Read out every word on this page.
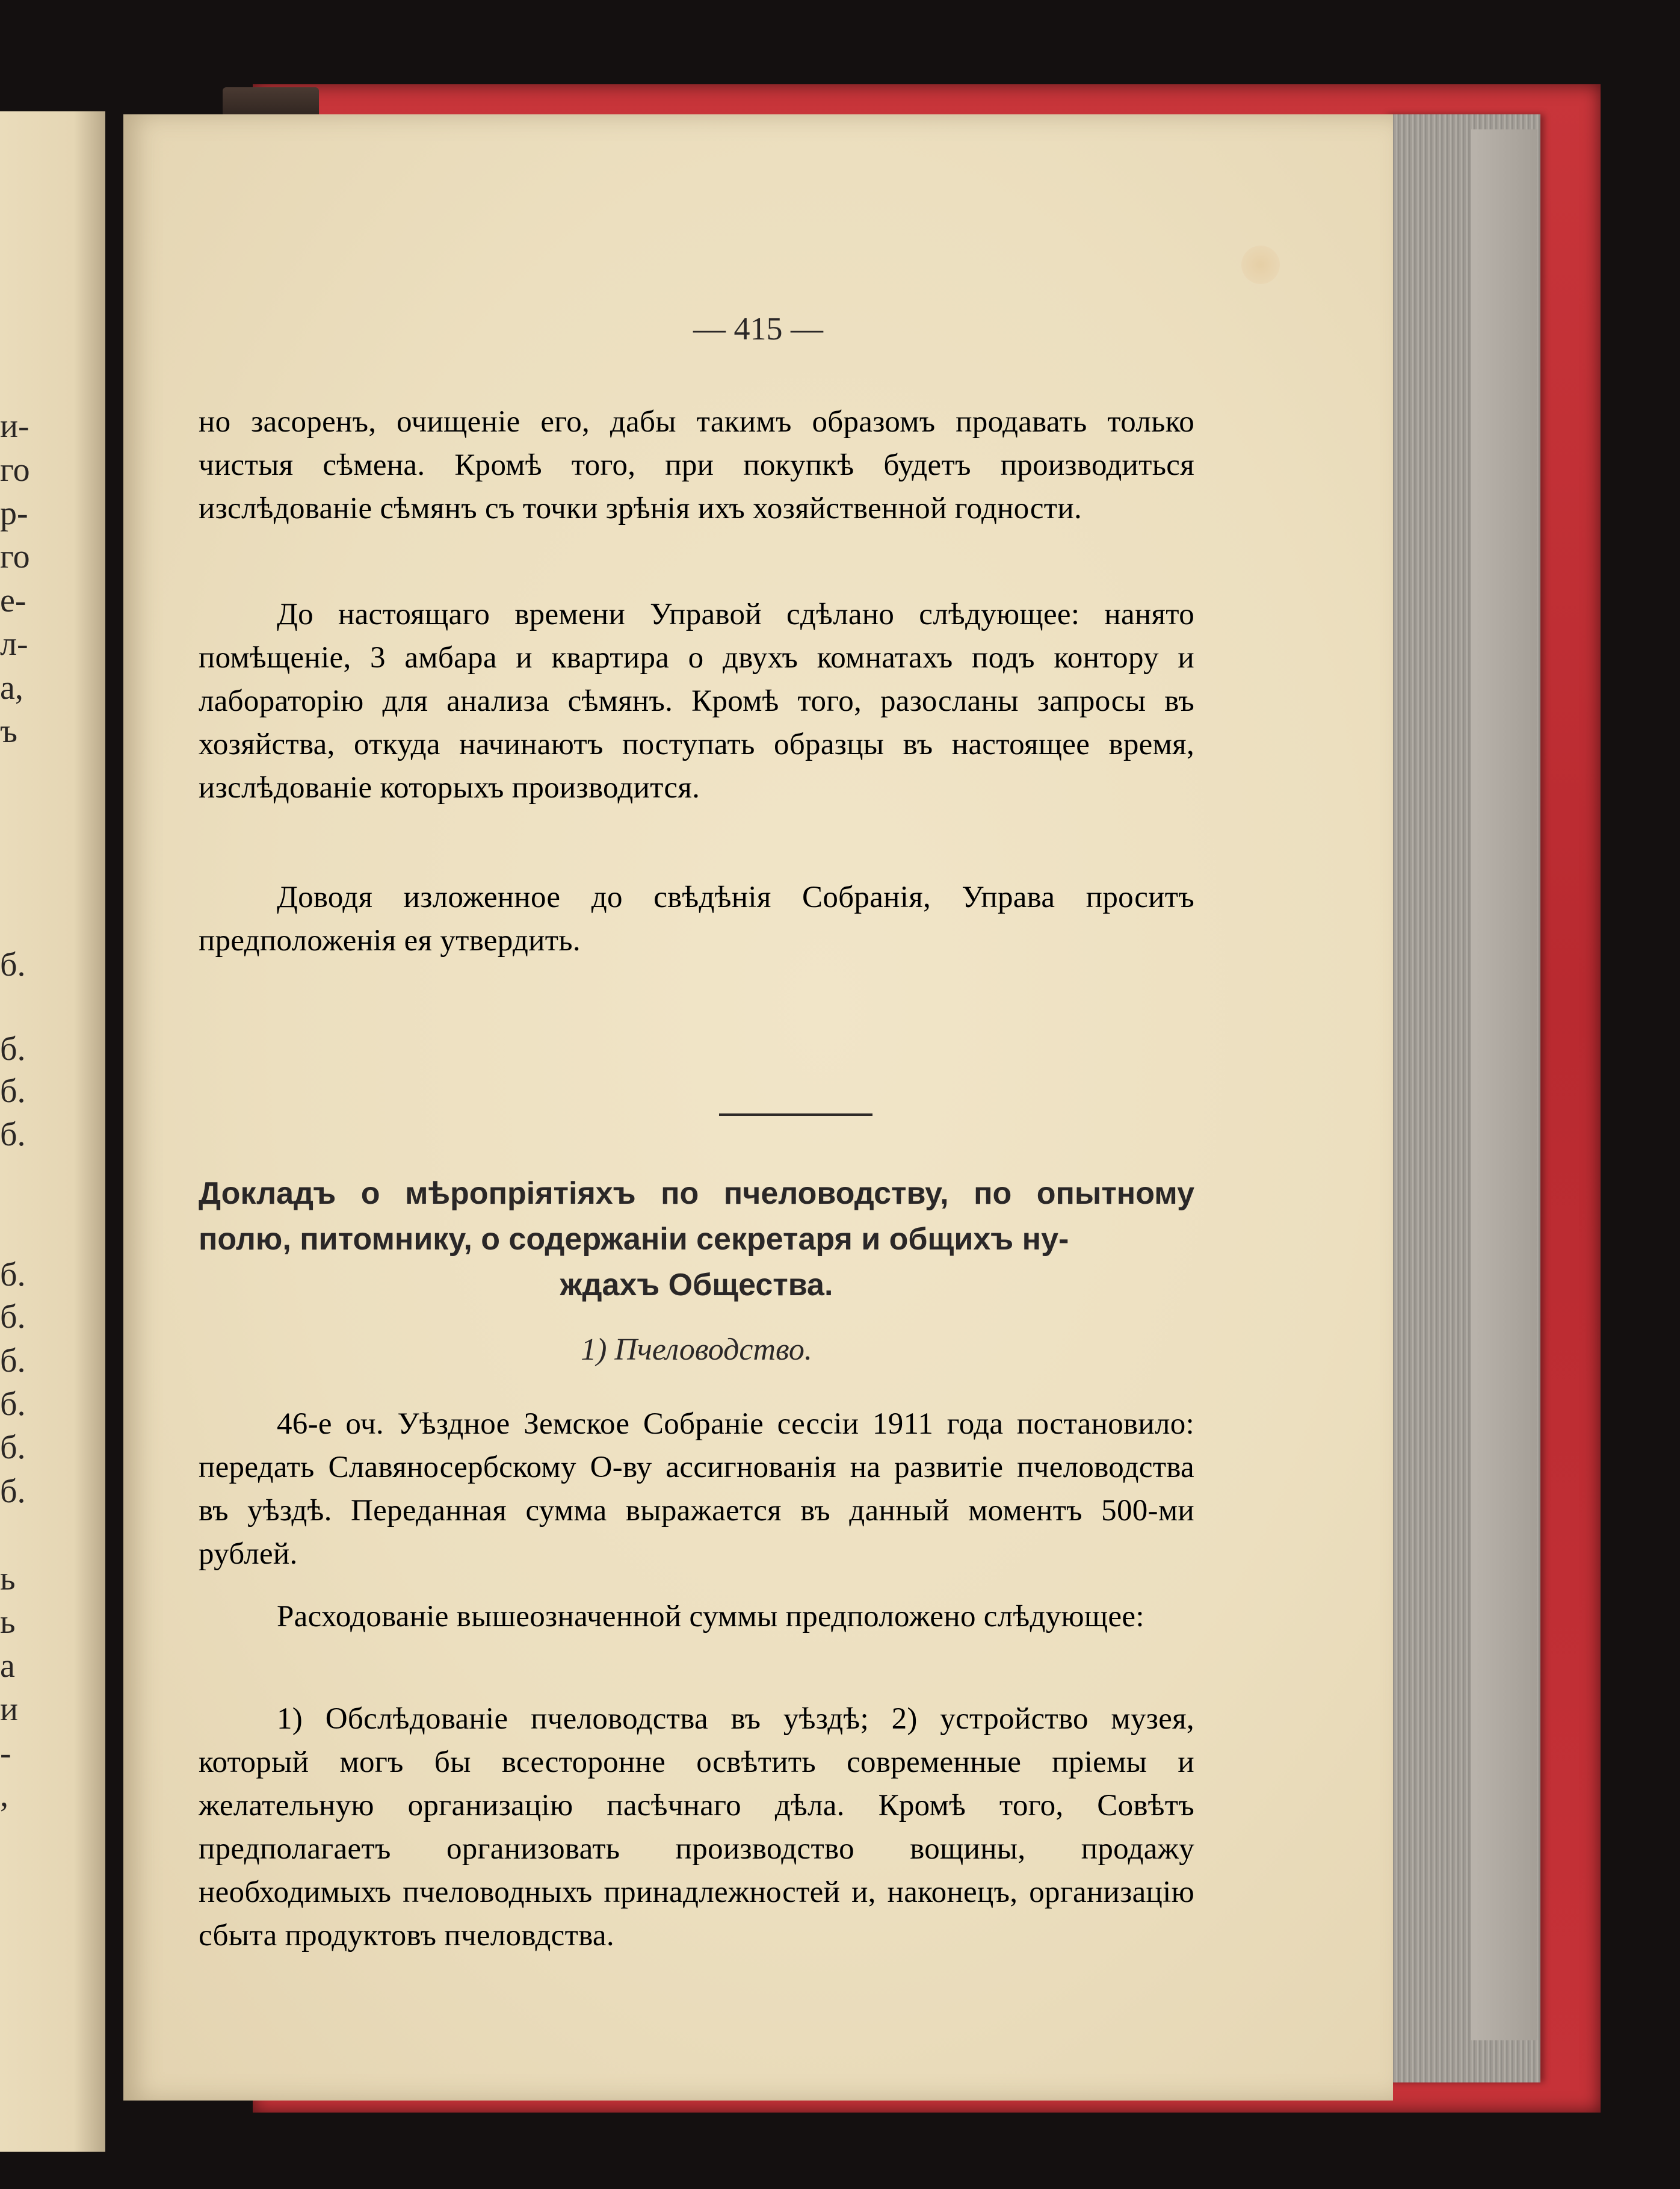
и-
го
р-
го
е-
л-
а,
ъ
б.
б.
б.
б.
б.
б.
б.
б.
б.
б.
ь
ь
а
и
-
,
— 415 —

но засоренъ, очищеніе его, дабы такимъ образомъ продавать только чистыя сѣмена. Кромѣ того, при покупкѣ будетъ производиться изслѣдованіе сѣмянъ съ точки зрѣнія ихъ хозяйственной годности.

До настоящаго времени Управой сдѣлано слѣдующее: нанято помѣщеніе, 3 амбара и квартира о двухъ комнатахъ подъ контору и лабораторію для анализа сѣмянъ. Кромѣ того, разосланы запросы въ хозяйства, откуда начинаютъ поступать образцы въ настоящее время, изслѣдованіе которыхъ производится.

Доводя изложенное до свѣдѣнія Собранія, Управа проситъ предположенія ея утвердить.

Докладъ о мѣропріятіяхъ по пчеловодству, по опытному полю, питомнику, о содержаніи секретаря и общихъ ну-

ждахъ Общества.

1) Пчеловодство.

46-е оч. Уѣздное Земское Собраніе сессіи 1911 года постановило: передать Славяносербскому О-ву ассигнованія на развитіе пчеловодства въ уѣздѣ. Переданная сумма выражается въ данный моментъ 500-ми рублей.

Расходованіе вышеозначенной суммы предположено слѣдующее:

1) Обслѣдованіе пчеловодства въ уѣздѣ; 2) устройство музея, который могъ бы всесторонне освѣтить современные пріемы и желательную организацію пасѣчнаго дѣла. Кромѣ того, Совѣтъ предполагаетъ организовать производство вощины, продажу необходимыхъ пчеловодныхъ принадлежностей и, наконецъ, организацію сбыта продуктовъ пчеловдства.
